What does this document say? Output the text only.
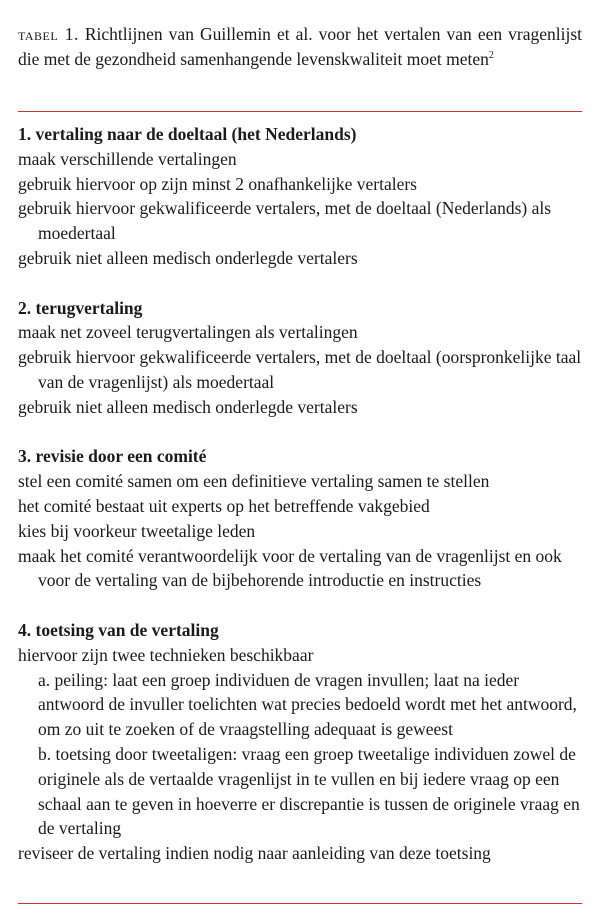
tabel 1. Richtlijnen van Guillemin et al. voor het vertalen van een vragenlijst die met de gezondheid samenhangende levenskwaliteit moet meten$^2$
1. vertaling naar de doeltaal (het Nederlands)
maak verschillende vertalingen
gebruik hiervoor op zijn minst 2 onafhankelijke vertalers
gebruik hiervoor gekwalificeerde vertalers, met de doeltaal (Nederlands) als moedertaal
gebruik niet alleen medisch onderlegde vertalers
2. terugvertaling
maak net zoveel terugvertalingen als vertalingen
gebruik hiervoor gekwalificeerde vertalers, met de doeltaal (oorspronkelijke taal van de vragenlijst) als moedertaal
gebruik niet alleen medisch onderlegde vertalers
3. revisie door een comité
stel een comité samen om een definitieve vertaling samen te stellen
het comité bestaat uit experts op het betreffende vakgebied
kies bij voorkeur tweetalige leden
maak het comité verantwoordelijk voor de vertaling van de vragenlijst en ook voor de vertaling van de bijbehorende introductie en instructies
4. toetsing van de vertaling
hiervoor zijn twee technieken beschikbaar
a. peiling: laat een groep individuen de vragen invullen; laat na ieder antwoord de invuller toelichten wat precies bedoeld wordt met het antwoord, om zo uit te zoeken of de vraagstelling adequaat is geweest
b. toetsing door tweetaligen: vraag een groep tweetalige individuen zowel de originele als de vertaalde vragenlijst in te vullen en bij iedere vraag op een schaal aan te geven in hoeverre er discrepantie is tussen de originele vraag en de vertaling
reviseer de vertaling indien nodig naar aanleiding van deze toetsing
